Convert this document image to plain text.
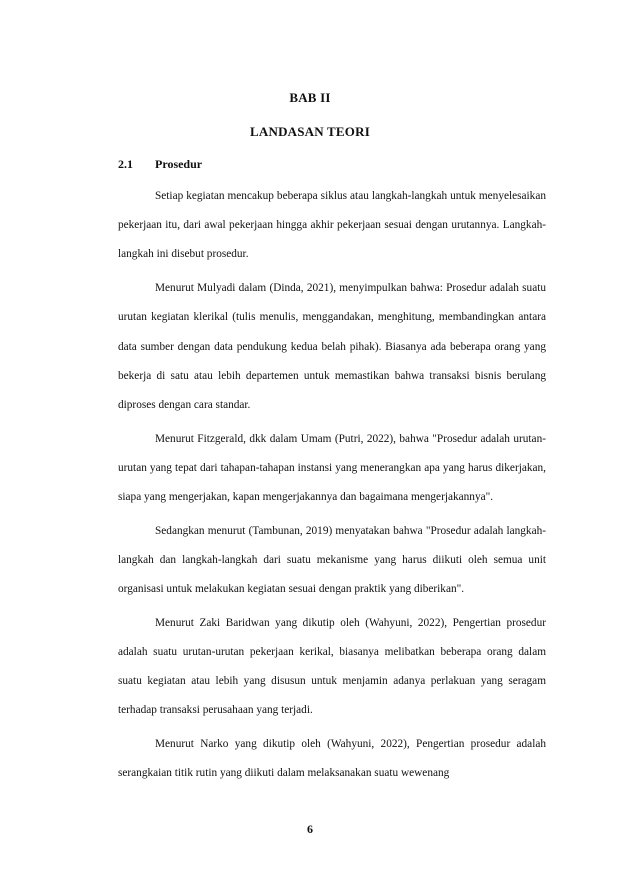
BAB II
LANDASAN TEORI
2.1 Prosedur

Setiap kegiatan mencakup beberapa siklus atau langkah-langkah untuk menyelesaikan pekerjaan itu, dari awal pekerjaan hingga akhir pekerjaan sesuai dengan urutannya. Langkah-langkah ini disebut prosedur.

Menurut Mulyadi dalam (Dinda, 2021), menyimpulkan bahwa: Prosedur adalah suatu urutan kegiatan klerikal (tulis menulis, menggandakan, menghitung, membandingkan antara data sumber dengan data pendukung kedua belah pihak). Biasanya ada beberapa orang yang bekerja di satu atau lebih departemen untuk memastikan bahwa transaksi bisnis berulang diproses dengan cara standar.

Menurut Fitzgerald, dkk dalam Umam (Putri, 2022), bahwa "Prosedur adalah urutan-urutan yang tepat dari tahapan-tahapan instansi yang menerangkan apa yang harus dikerjakan, siapa yang mengerjakan, kapan mengerjakannya dan bagaimana mengerjakannya".

Sedangkan menurut (Tambunan, 2019) menyatakan bahwa "Prosedur adalah langkah-langkah dan langkah-langkah dari suatu mekanisme yang harus diikuti oleh semua unit organisasi untuk melakukan kegiatan sesuai dengan praktik yang diberikan".

Menurut Zaki Baridwan yang dikutip oleh (Wahyuni, 2022), Pengertian prosedur adalah suatu urutan-urutan pekerjaan kerikal, biasanya melibatkan beberapa orang dalam suatu kegiatan atau lebih yang disusun untuk menjamin adanya perlakuan yang seragam terhadap transaksi perusahaan yang terjadi.

Menurut Narko yang dikutip oleh (Wahyuni, 2022), Pengertian prosedur adalah serangkaian titik rutin yang diikuti dalam melaksanakan suatu wewenang

6
